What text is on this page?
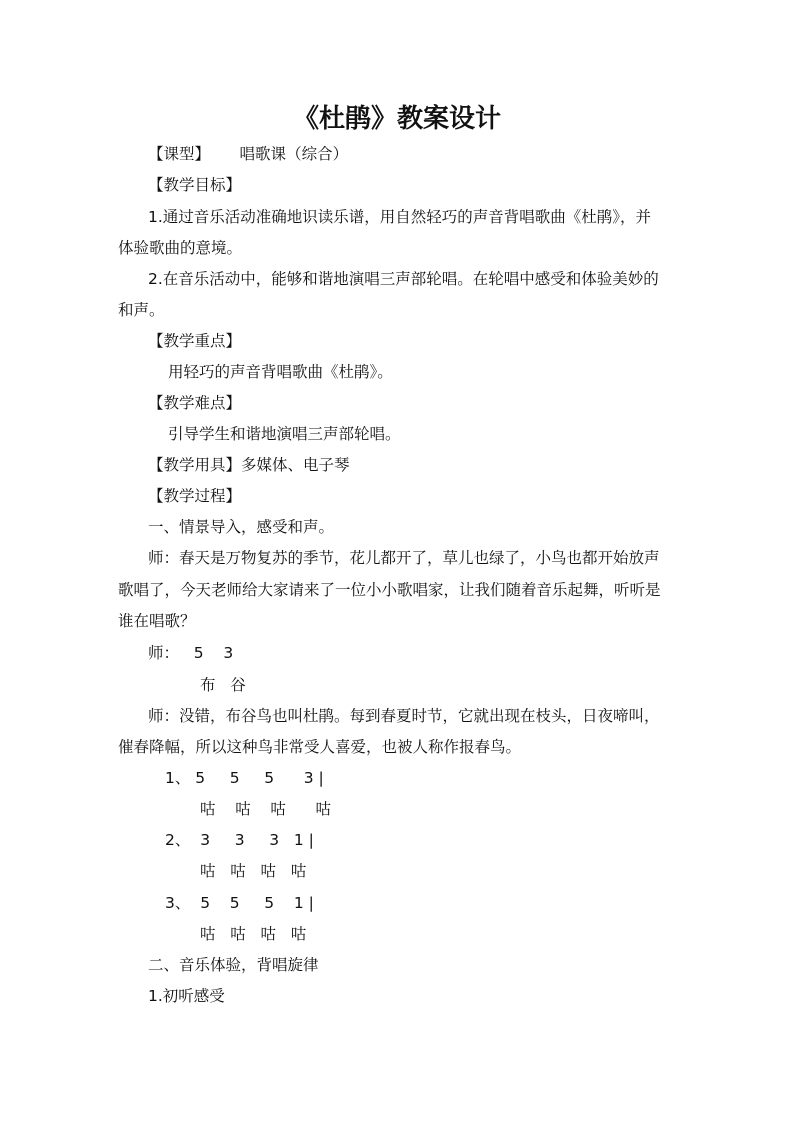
《杜鹃》教案设计
【课型】      唱歌课（综合）
【教学目标】
1.通过音乐活动准确地识读乐谱，用自然轻巧的声音背唱歌曲《杜鹃》，并
体验歌曲的意境。
2.在音乐活动中，能够和谐地演唱三声部轮唱。在轮唱中感受和体验美妙的
和声。
【教学重点】
用轻巧的声音背唱歌曲《杜鹃》。
【教学难点】
引导学生和谐地演唱三声部轮唱。
【教学用具】多媒体、电子琴
【教学过程】
一、情景导入，感受和声。
师：春天是万物复苏的季节，花儿都开了，草儿也绿了，小鸟也都开始放声
歌唱了，今天老师给大家请来了一位小小歌唱家，让我们随着音乐起舞，听听是
谁在唱歌？
师：   5    3
布   谷
师：没错，布谷鸟也叫杜鹃。每到春夏时节，它就出现在枝头，日夜啼叫，
催春降幅，所以这种鸟非常受人喜爱，也被人称作报春鸟。
1、 5     5     5      3 |
咕    咕    咕      咕
2、  3     3     3   1 |
咕   咕   咕   咕
3、  5    5     5    1 |
咕   咕   咕   咕
二、音乐体验，背唱旋律
1.初听感受
